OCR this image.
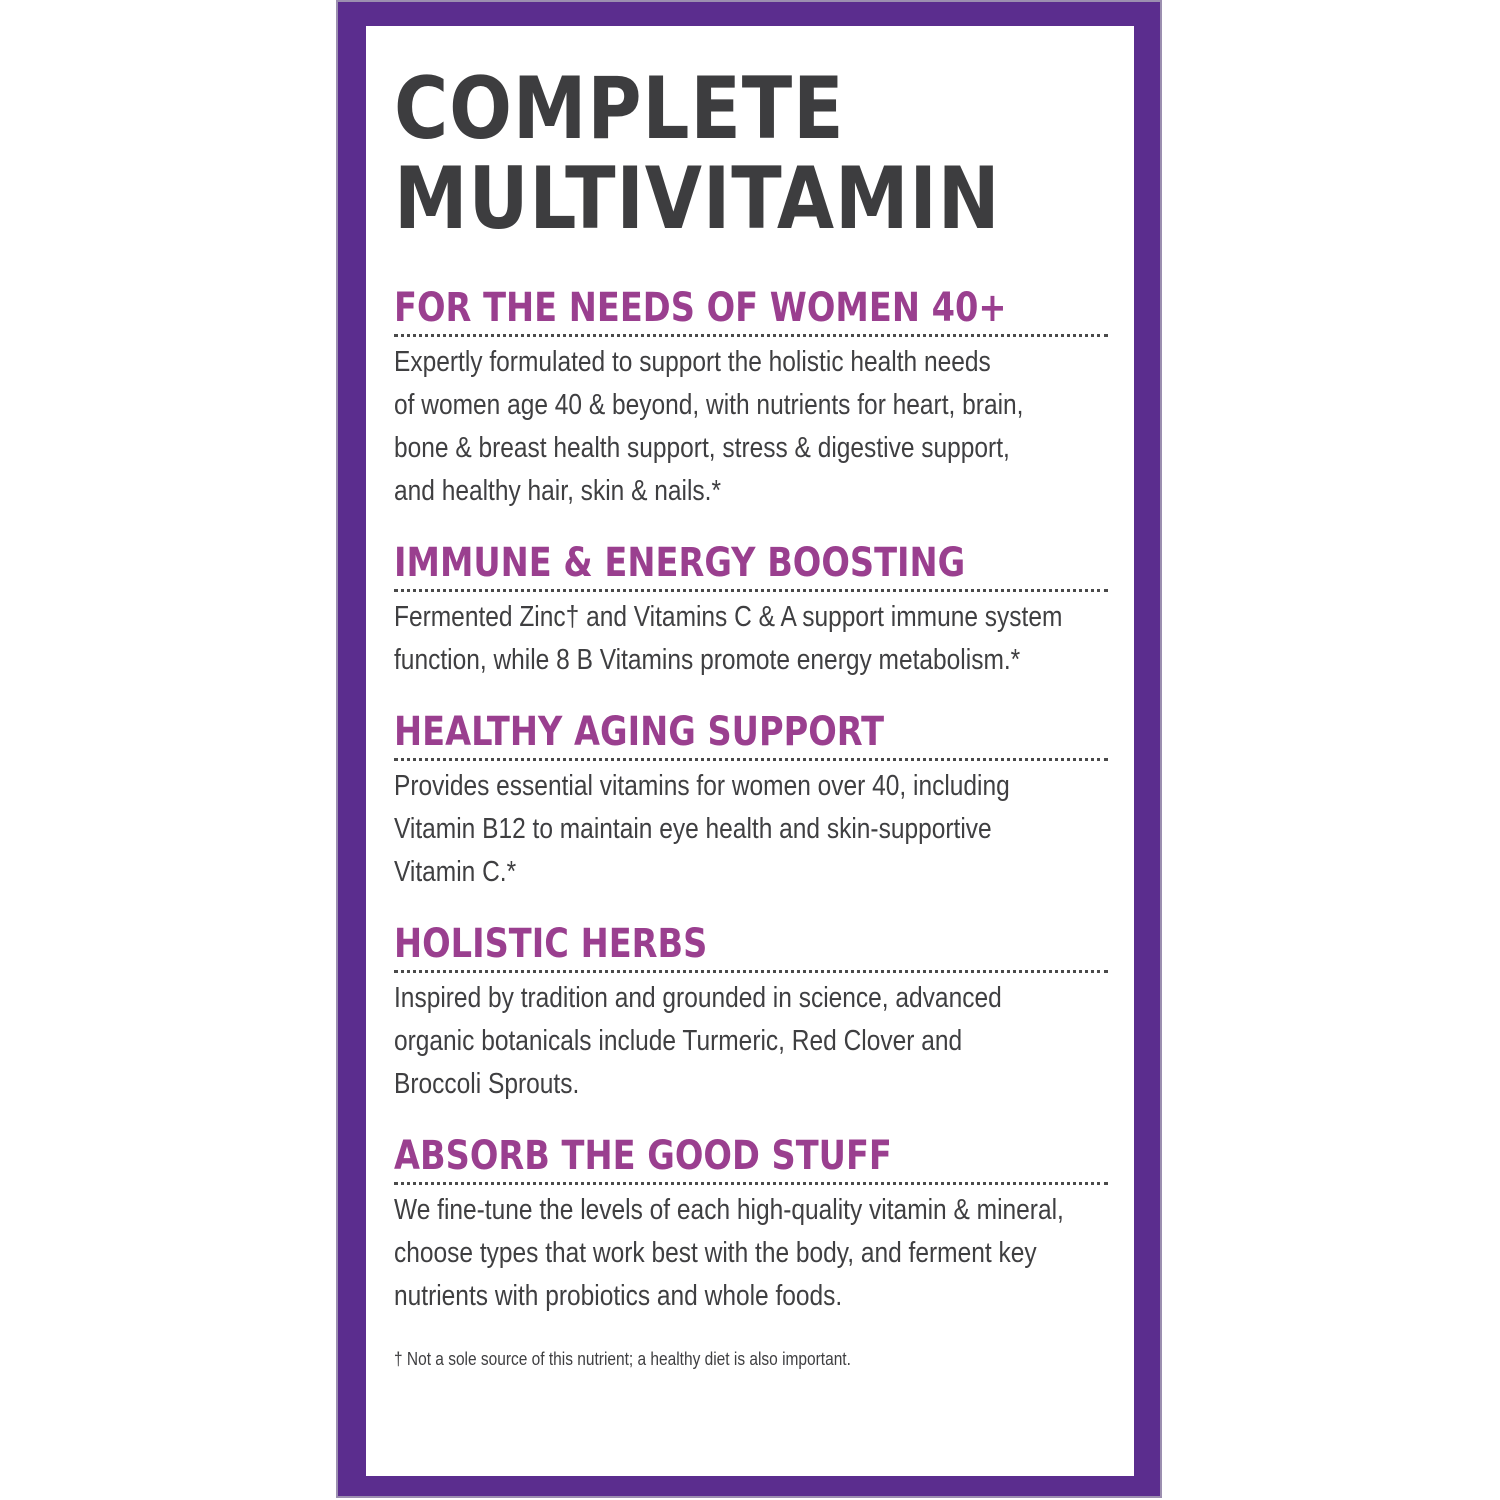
COMPLETE
MULTIVITAMIN
FOR THE NEEDS OF WOMEN 40+
Expertly formulated to support the holistic health needs
of women age 40 & beyond, with nutrients for heart, brain,
bone & breast health support, stress & digestive support,
and healthy hair, skin & nails.*
IMMUNE & ENERGY BOOSTING
Fermented Zinc† and Vitamins C & A support immune system
function, while 8 B Vitamins promote energy metabolism.*
HEALTHY AGING SUPPORT
Provides essential vitamins for women over 40, including
Vitamin B12 to maintain eye health and skin-supportive
Vitamin C.*
HOLISTIC HERBS
Inspired by tradition and grounded in science, advanced
organic botanicals include Turmeric, Red Clover and
Broccoli Sprouts.
ABSORB THE GOOD STUFF
We fine-tune the levels of each high-quality vitamin & mineral,
choose types that work best with the body, and ferment key
nutrients with probiotics and whole foods.
† Not a sole source of this nutrient; a healthy diet is also important.
